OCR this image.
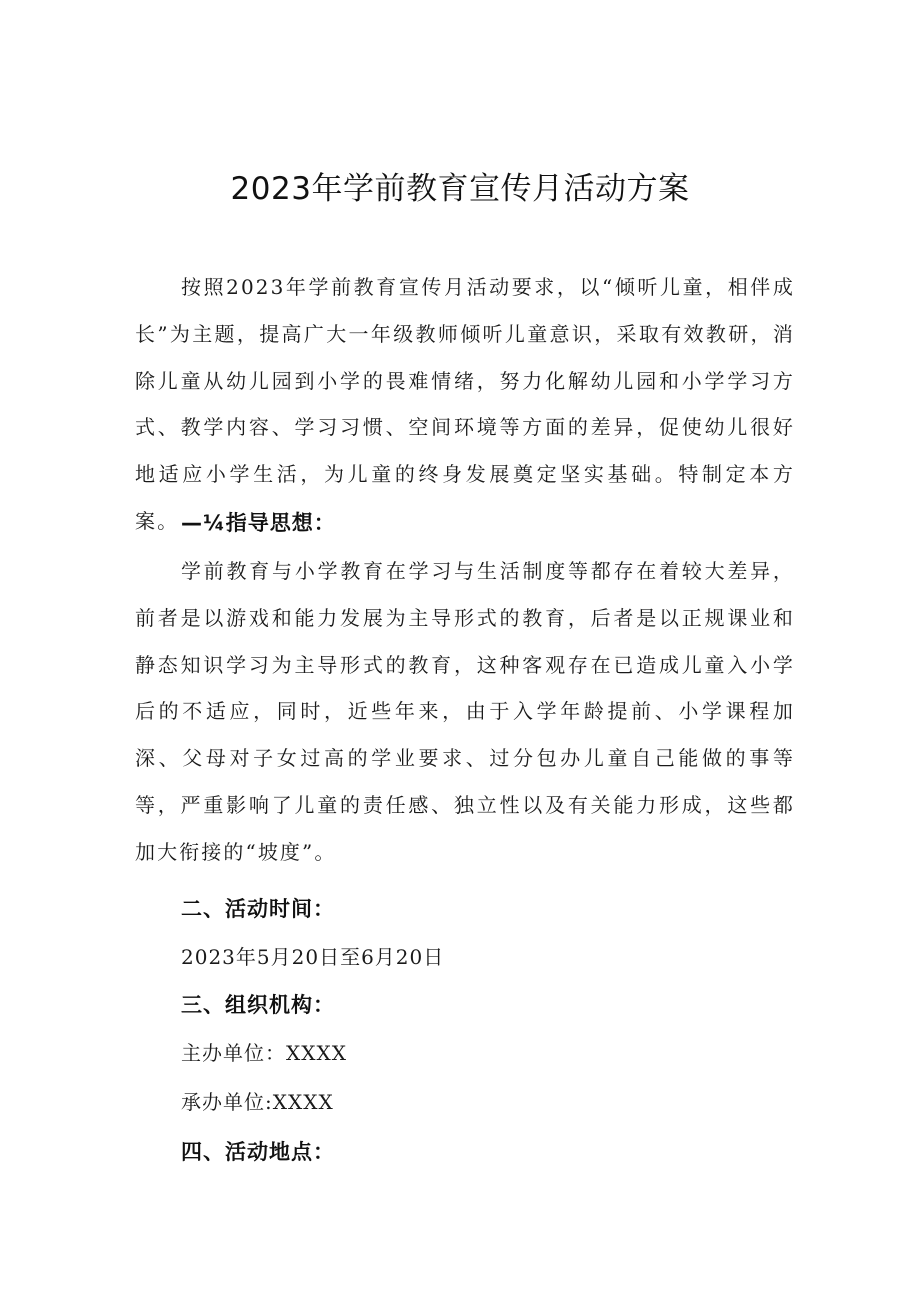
2023年学前教育宣传月活动方案

按照2023年学前教育宣传月活动要求，以“倾听儿童，相伴成长”为主题，提高广大一年级教师倾听儿童意识，采取有效教研，消除儿童从幼儿园到小学的畏难情绪，努力化解幼儿园和小学学习方式、教学内容、学习习惯、空间环境等方面的差异，促使幼儿很好地适应小学生活，为儿童的终身发展奠定坚实基础。特制定本方案。 —¼指导思想：

学前教育与小学教育在学习与生活制度等都存在着较大差异，前者是以游戏和能力发展为主导形式的教育，后者是以正规课业和静态知识学习为主导形式的教育，这种客观存在已造成儿童入小学后的不适应，同时，近些年来，由于入学年龄提前、小学课程加深、父母对子女过高的学业要求、过分包办儿童自己能做的事等等，严重影响了儿童的责任感、独立性以及有关能力形成，这些都加大衔接的“坡度”。

二、活动时间：
2023年5月20日至6月20日
三、组织机构：
主办单位：XXXX
承办单位:XXXX
四、活动地点：
